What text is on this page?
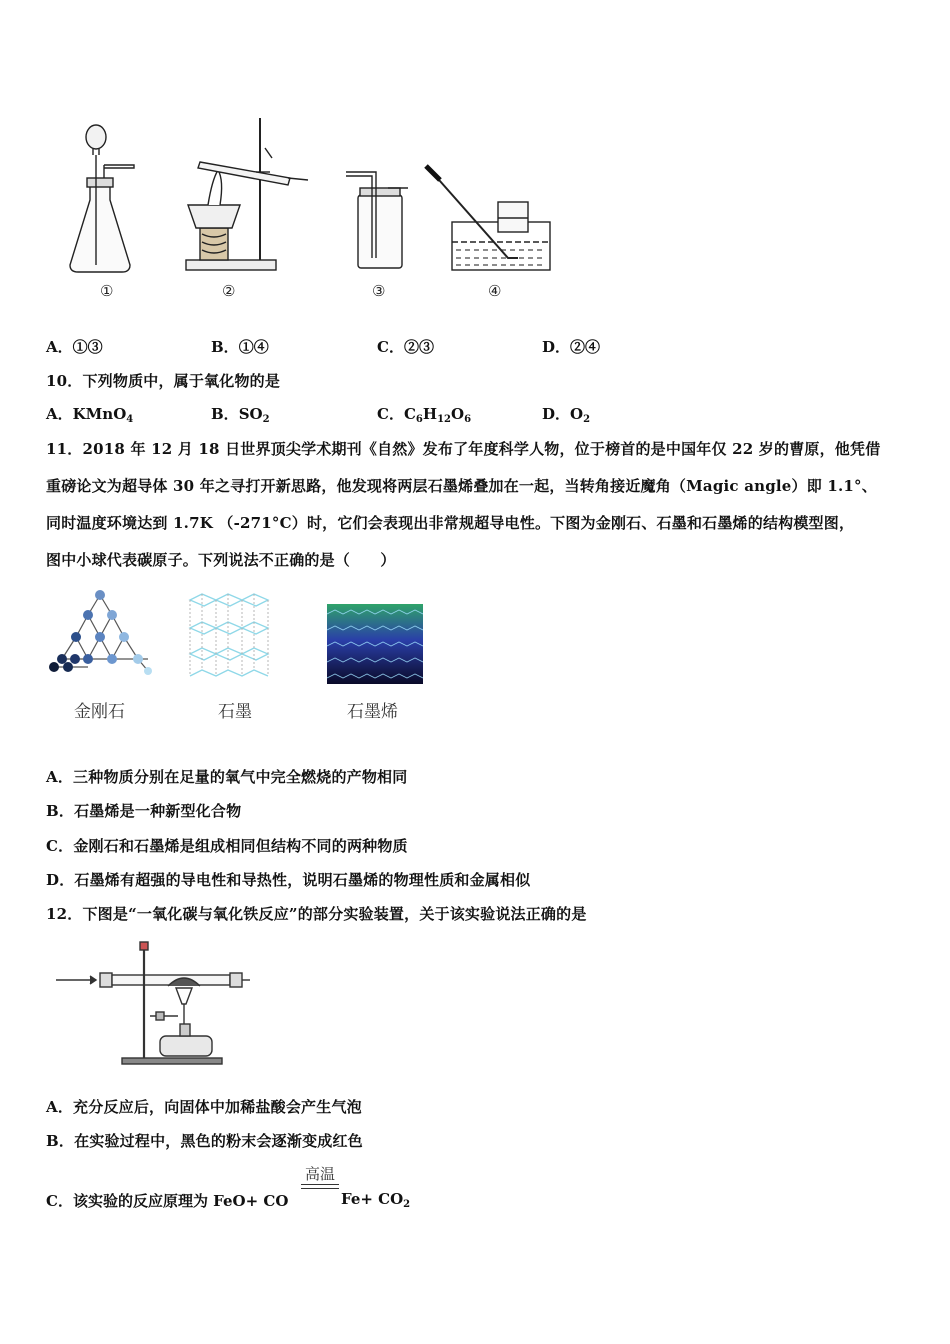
①	②	③	④
A．①③	B．①④	C．②③	D．②④
10．下列物质中，属于氧化物的是
A．KMnO$_4$	B．$SO_2$	C．$C_6H_{12}O_6$	D．$O_2$
11．2018 年 12 月 18 日世界顶尖学术期刊《自然》发布了年度科学人物，位于榜首的是中国年仅 22 岁的曹原，他凭借
重磅论文为超导体 30 年之寻打开新思路，他发现将两层石墨烯叠加在一起，当转角接近魔角（Magic angle）即 1.1°、
同时温度环境达到 1.7K （-271°C）时，它们会表现出非常规超导电性。下图为金刚石、石墨和石墨烯的结构模型图，
图中小球代表碳原子。下列说法不正确的是（　　）
金刚石	石墨	石墨烯
A．三种物质分别在足量的氧气中完全燃烧的产物相同
B．石墨烯是一种新型化合物
C．金刚石和石墨烯是组成相同但结构不同的两种物质
D．石墨烯有超强的导电性和导热性，说明石墨烯的物理性质和金属相似
12．下图是“一氧化碳与氧化铁反应”的部分实验装置，关于该实验说法正确的是
A．充分反应后，向固体中加稀盐酸会产生气泡
B．在实验过程中，黑色的粉末会逐渐变成红色
C．该实验的反应原理为 FeO+ CO
高温
$Fe+ CO_2$
